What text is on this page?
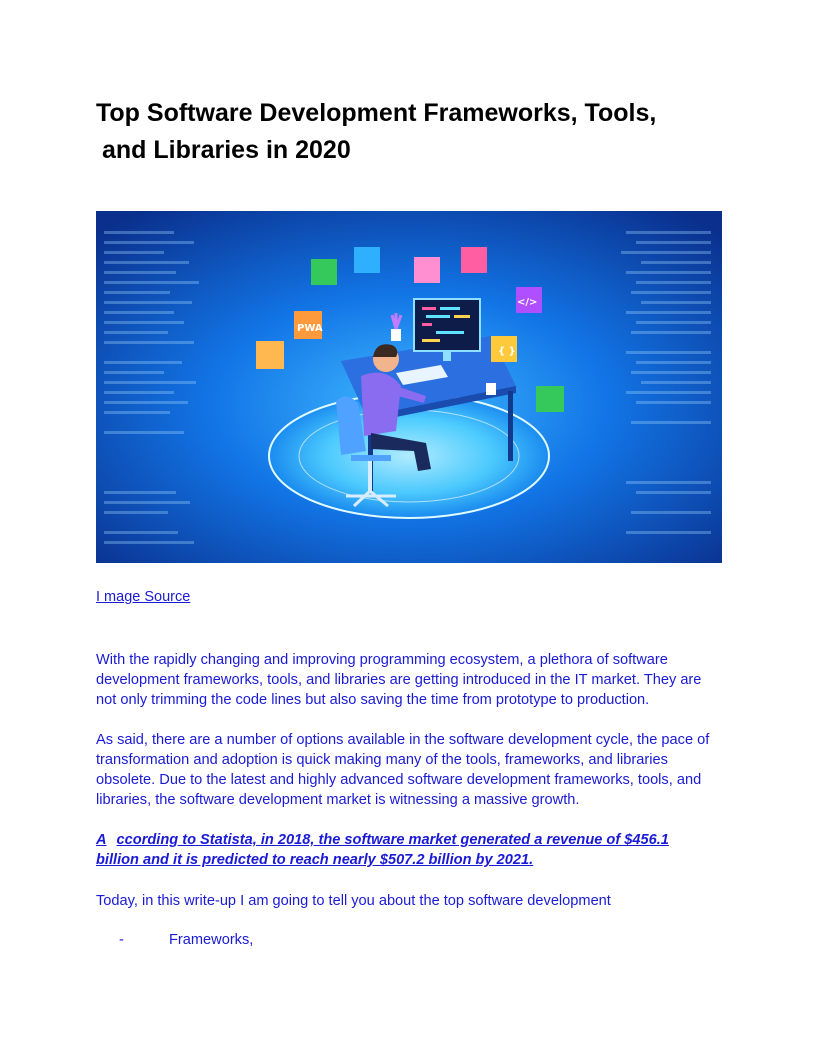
Top Software Development Frameworks, Tools,
and Libraries in 2020
</>
{ }
PWA
I mage Source

With the rapidly changing and improving programming ecosystem, a plethora of software
development frameworks, tools, and libraries are getting introduced in the IT market. They are
not only trimming the code lines but also saving the time from prototype to production.

As said, there are a number of options available in the software development cycle, the pace of
transformation and adoption is quick making many of the tools, frameworks, and libraries
obsolete. Due to the latest and highly advanced software development frameworks, tools, and
libraries, the software development market is witnessing a massive growth.

A ccording to Statista, in 2018, the software market generated a revenue of $456.1
billion and it is predicted to reach nearly $507.2 billion by 2021.

Today, in this write-up I am going to tell you about the top software development

-	Frameworks,
